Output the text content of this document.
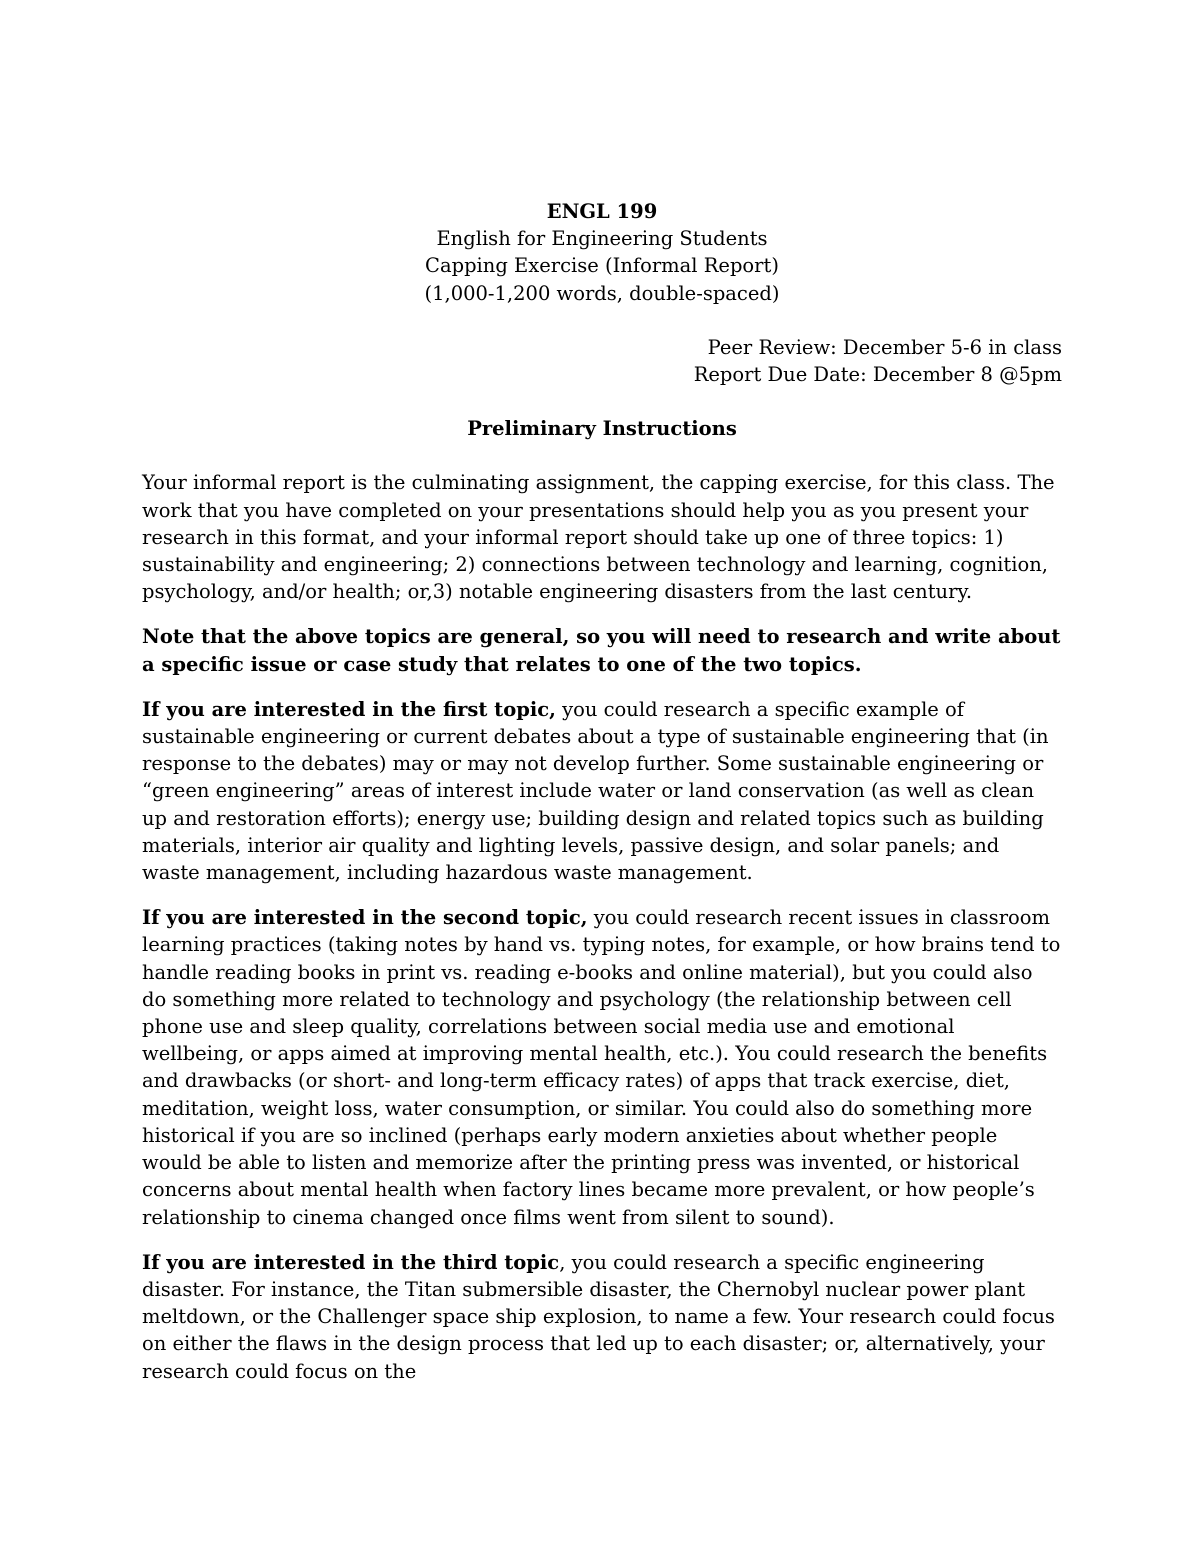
ENGL 199
English for Engineering Students
Capping Exercise (Informal Report)
(1,000-1,200 words, double-spaced)
Peer Review: December 5-6 in class
Report Due Date: December 8 @5pm
Preliminary Instructions

Your informal report is the culminating assignment, the capping exercise, for this class. The work that you have completed on your presentations should help you as you present your research in this format, and your informal report should take up one of three topics: 1) sustainability and engineering; 2) connections between technology and learning, cognition, psychology, and/or health; or,3) notable engineering disasters from the last century.

Note that the above topics are general, so you will need to research and write about a specific issue or case study that relates to one of the two topics.

If you are interested in the first topic, you could research a specific example of sustainable engineering or current debates about a type of sustainable engineering that (in response to the debates) may or may not develop further. Some sustainable engineering or “green engineering” areas of interest include water or land conservation (as well as clean up and restoration efforts); energy use; building design and related topics such as building materials, interior air quality and lighting levels, passive design, and solar panels; and waste management, including hazardous waste management.

If you are interested in the second topic, you could research recent issues in classroom learning practices (taking notes by hand vs. typing notes, for example, or how brains tend to handle reading books in print vs. reading e-books and online material), but you could also do something more related to technology and psychology (the relationship between cell phone use and sleep quality, correlations between social media use and emotional wellbeing, or apps aimed at improving mental health, etc.). You could research the benefits and drawbacks (or short- and long-term efficacy rates) of apps that track exercise, diet, meditation, weight loss, water consumption, or similar. You could also do something more historical if you are so inclined (perhaps early modern anxieties about whether people would be able to listen and memorize after the printing press was invented, or historical concerns about mental health when factory lines became more prevalent, or how people’s relationship to cinema changed once films went from silent to sound).

If you are interested in the third topic, you could research a specific engineering disaster. For instance, the Titan submersible disaster, the Chernobyl nuclear power plant meltdown, or the Challenger space ship explosion, to name a few. Your research could focus on either the flaws in the design process that led up to each disaster; or, alternatively, your research could focus on the
